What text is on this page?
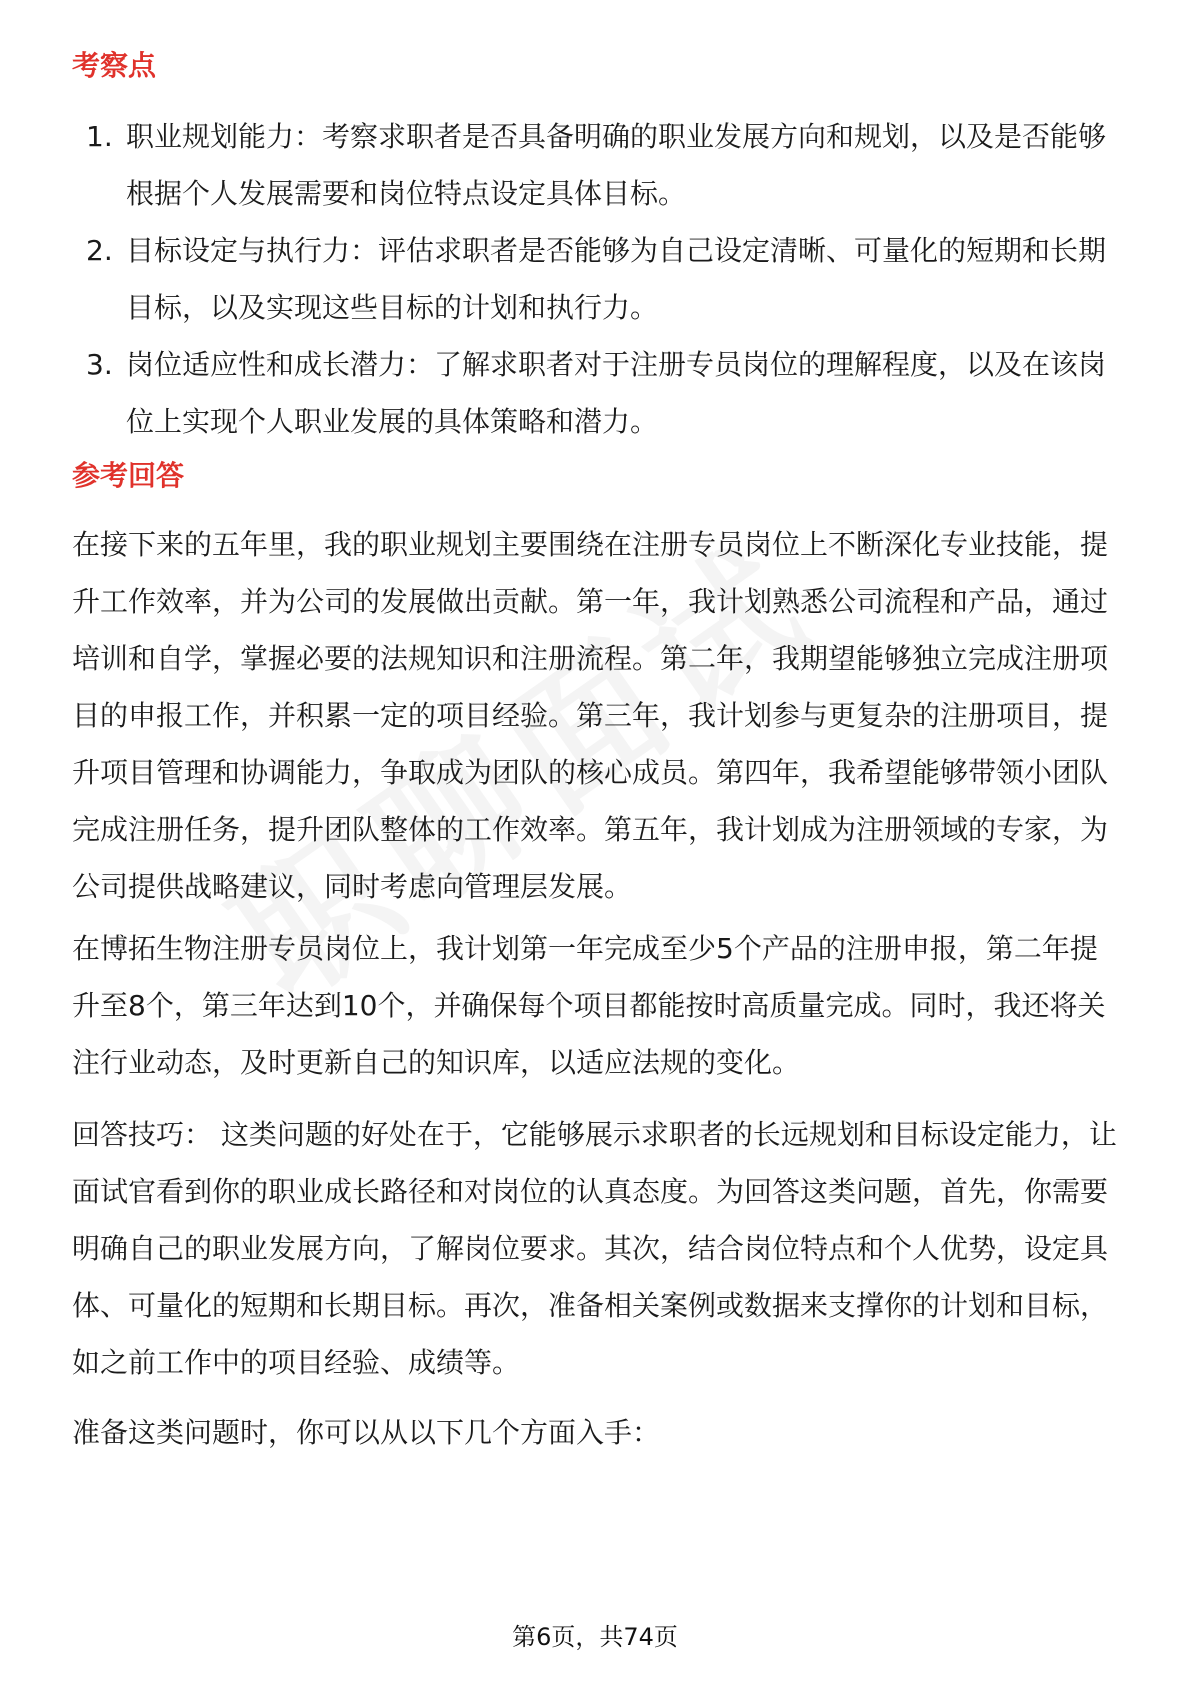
考察点
1. 职业规划能力：考察求职者是否具备明确的职业发展方向和规划，以及是否能够根据个人发展需要和岗位特点设定具体目标。
2. 目标设定与执行力：评估求职者是否能够为自己设定清晰、可量化的短期和长期目标，以及实现这些目标的计划和执行力。
3. 岗位适应性和成长潜力：了解求职者对于注册专员岗位的理解程度，以及在该岗位上实现个人职业发展的具体策略和潜力。
参考回答

在接下来的五年里，我的职业规划主要围绕在注册专员岗位上不断深化专业技能，提升工作效率，并为公司的发展做出贡献。第一年，我计划熟悉公司流程和产品，通过培训和自学，掌握必要的法规知识和注册流程。第二年，我期望能够独立完成注册项目的申报工作，并积累一定的项目经验。第三年，我计划参与更复杂的注册项目，提升项目管理和协调能力，争取成为团队的核心成员。第四年，我希望能够带领小团队完成注册任务，提升团队整体的工作效率。第五年，我计划成为注册领域的专家，为公司提供战略建议，同时考虑向管理层发展。

在博拓生物注册专员岗位上，我计划第一年完成至少5个产品的注册申报，第二年提升至8个，第三年达到10个，并确保每个项目都能按时高质量完成。同时，我还将关注行业动态，及时更新自己的知识库，以适应法规的变化。

回答技巧： 这类问题的好处在于，它能够展示求职者的长远规划和目标设定能力，让面试官看到你的职业成长路径和对岗位的认真态度。为回答这类问题，首先，你需要明确自己的职业发展方向，了解岗位要求。其次，结合岗位特点和个人优势，设定具体、可量化的短期和长期目标。再次，准备相关案例或数据来支撑你的计划和目标，如之前工作中的项目经验、成绩等。

准备这类问题时，你可以从以下几个方面入手：

第6页，共74页
